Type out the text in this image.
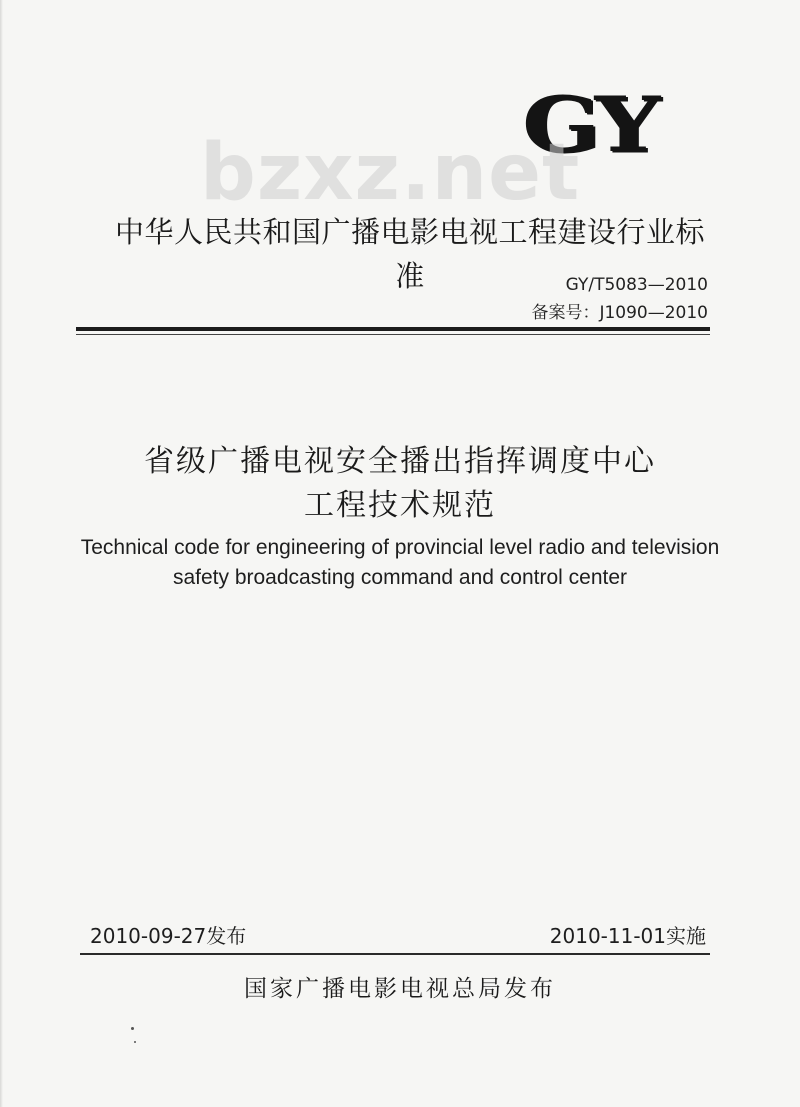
GY
bzxz.net
中华人民共和国广播电影电视工程建设行业标准	GY/T5083—2010
备案号：J1090—2010
省级广播电视安全播出指挥调度中心
工程技术规范
Technical code for engineering of provincial level radio and television
safety broadcasting command and control center
2010-09-27发布	2010-11-01实施
国家广播电影电视总局发布
